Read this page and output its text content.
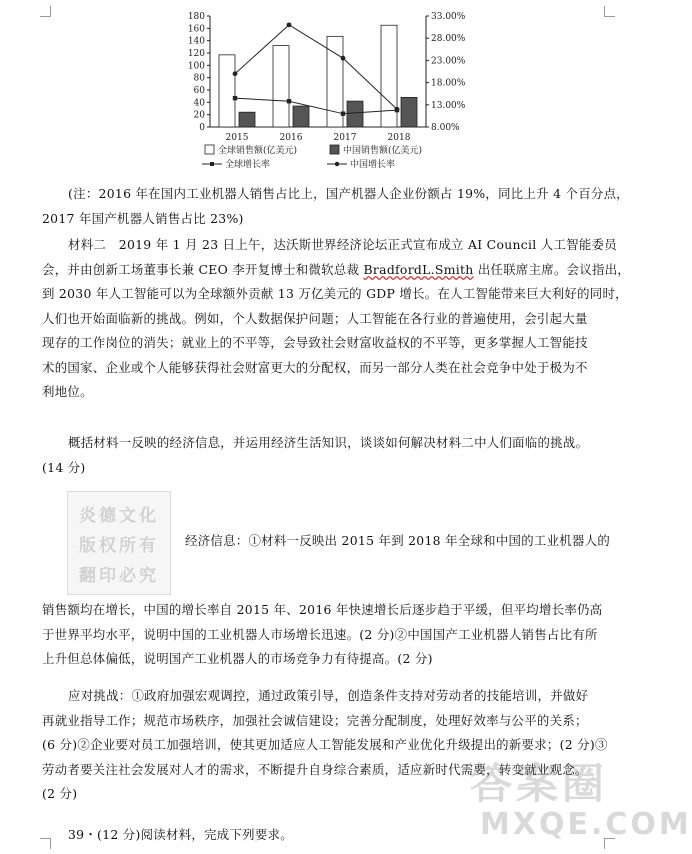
0
20
40
60
80
100
120
140
160
180
8.00%
13.00%
18.00%
23.00%
28.00%
33.00%
2015	2016	2017	2018
全球销售额(亿美元)	中国销售额(亿美元)
全球增长率	中国增长率
(注：2016 年在国内工业机器人销售占比上，国产机器人企业份额占 19%，同比上升 4 个百分点，
2017 年国产机器人销售占比 23%)
材料二　2019 年 1 月 23 日上午，达沃斯世界经济论坛正式宣布成立 AI Council 人工智能委员
会，并由创新工场董事长兼 CEO 李开复博士和微软总裁 BradfordL.Smith 出任联席主席。会议指出，
到 2030 年人工智能可以为全球额外贡献 13 万亿美元的 GDP 增长。在人工智能带来巨大利好的同时，
人们也开始面临新的挑战。例如，个人数据保护问题；人工智能在各行业的普遍使用，会引起大量
现存的工作岗位的消失；就业上的不平等，会导致社会财富收益权的不平等，更多掌握人工智能技
术的国家、企业或个人能够获得社会财富更大的分配权，而另一部分人类在社会竞争中处于极为不
利地位。
概括材料一反映的经济信息，并运用经济生活知识，谈谈如何解决材料二中人们面临的挑战。
(14 分)
炎德文化
版权所有
翻印必究
经济信息：①材料一反映出 2015 年到 2018 年全球和中国的工业机器人的
销售额均在增长，中国的增长率自 2015 年、2016 年快速增长后逐步趋于平缓，但平均增长率仍高
于世界平均水平，说明中国的工业机器人市场增长迅速。(2 分)②中国国产工业机器人销售占比有所
上升但总体偏低，说明国产工业机器人的市场竞争力有待提高。(2 分)
应对挑战：①政府加强宏观调控，通过政策引导，创造条件支持对劳动者的技能培训，并做好
再就业指导工作；规范市场秩序，加强社会诚信建设；完善分配制度，处理好效率与公平的关系；
(6 分)②企业要对员工加强培训，使其更加适应人工智能发展和产业优化升级提出的新要求；(2 分)③
劳动者要关注社会发展对人才的需求，不断提升自身综合素质，适应新时代需要，转变就业观念。
(2 分)
39・(12 分)阅读材料，完成下列要求。
答案圈
MXQE.COM
